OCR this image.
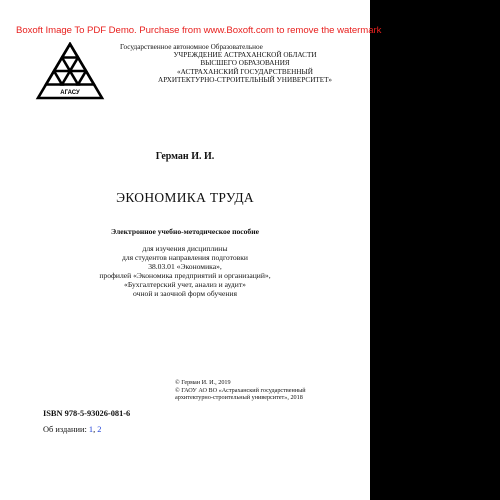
Boxoft Image To PDF Demo. Purchase from www.Boxoft.com to remove the watermark
АГАСУ
Государственное автономное Образовательное
УЧРЕЖДЕНИЕ АСТРАХАНСКОЙ ОБЛАСТИ
ВЫСШЕГО ОБРАЗОВАНИЯ
«АСТРАХАНСКИЙ ГОСУДАРСТВЕННЫЙ
АРХИТЕКТУРНО-СТРОИТЕЛЬНЫЙ УНИВЕРСИТЕТ»
Герман И. И.
ЭКОНОМИКА ТРУДА
Электронное учебно-методическое пособие
для изучения дисциплины
для студентов направления подготовки
38.03.01 «Экономика»,
профилей «Экономика предприятий и организаций»,
«Бухгалтерский учет, анализ и аудит»
очной и заочной форм обучения
© Герман И. И., 2019
© ГАОУ АО ВО «Астраханский государственный
архитектурно-строительный университет», 2018
ISBN 978-5-93026-081-6
Об издании: 1, 2
